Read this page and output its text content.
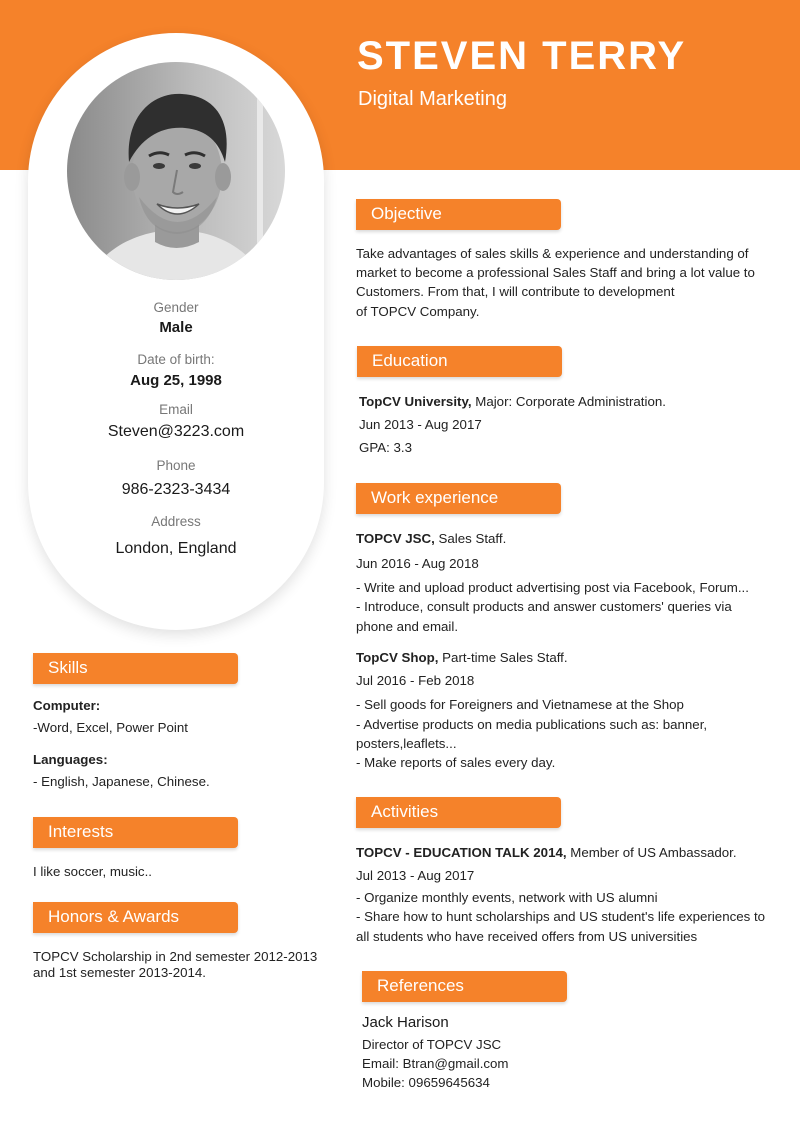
STEVEN TERRY
Digital Marketing
Gender
Male
Date of birth:
Aug 25, 1998
Email
Steven@3223.com
Phone
986-2323-3434
Address
London, England
Skills
Computer:
-Word, Excel, Power Point
Languages:
- English, Japanese, Chinese.
Interests
I like soccer, music..
Honors & Awards
TOPCV Scholarship in 2nd semester 2012-2013
and 1st semester 2013-2014.
Objective
Take advantages of sales skills & experience and understanding of
market to become a professional Sales Staff and bring a lot value to
Customers. From that, I will contribute to development
of TOPCV Company.
Education
TopCV University, Major: Corporate Administration.
Jun 2013 - Aug 2017
GPA: 3.3
Work experience
TOPCV JSC, Sales Staff.
Jun 2016 - Aug 2018
- Write and upload product advertising post via Facebook, Forum...
- Introduce, consult products and answer customers' queries via
phone and email.
TopCV Shop, Part-time Sales Staff.
Jul 2016 - Feb 2018
- Sell goods for Foreigners and Vietnamese at the Shop
- Advertise products on media publications such as: banner,
posters,leaflets...
- Make reports of sales every day.
Activities
TOPCV - EDUCATION TALK 2014, Member of US Ambassador.
Jul 2013 - Aug 2017
- Organize monthly events, network with US alumni
- Share how to hunt scholarships and US student's life experiences to
all students who have received offers from US universities
References
Jack Harison
Director of TOPCV JSC
Email: Btran@gmail.com
Mobile: 09659645634
